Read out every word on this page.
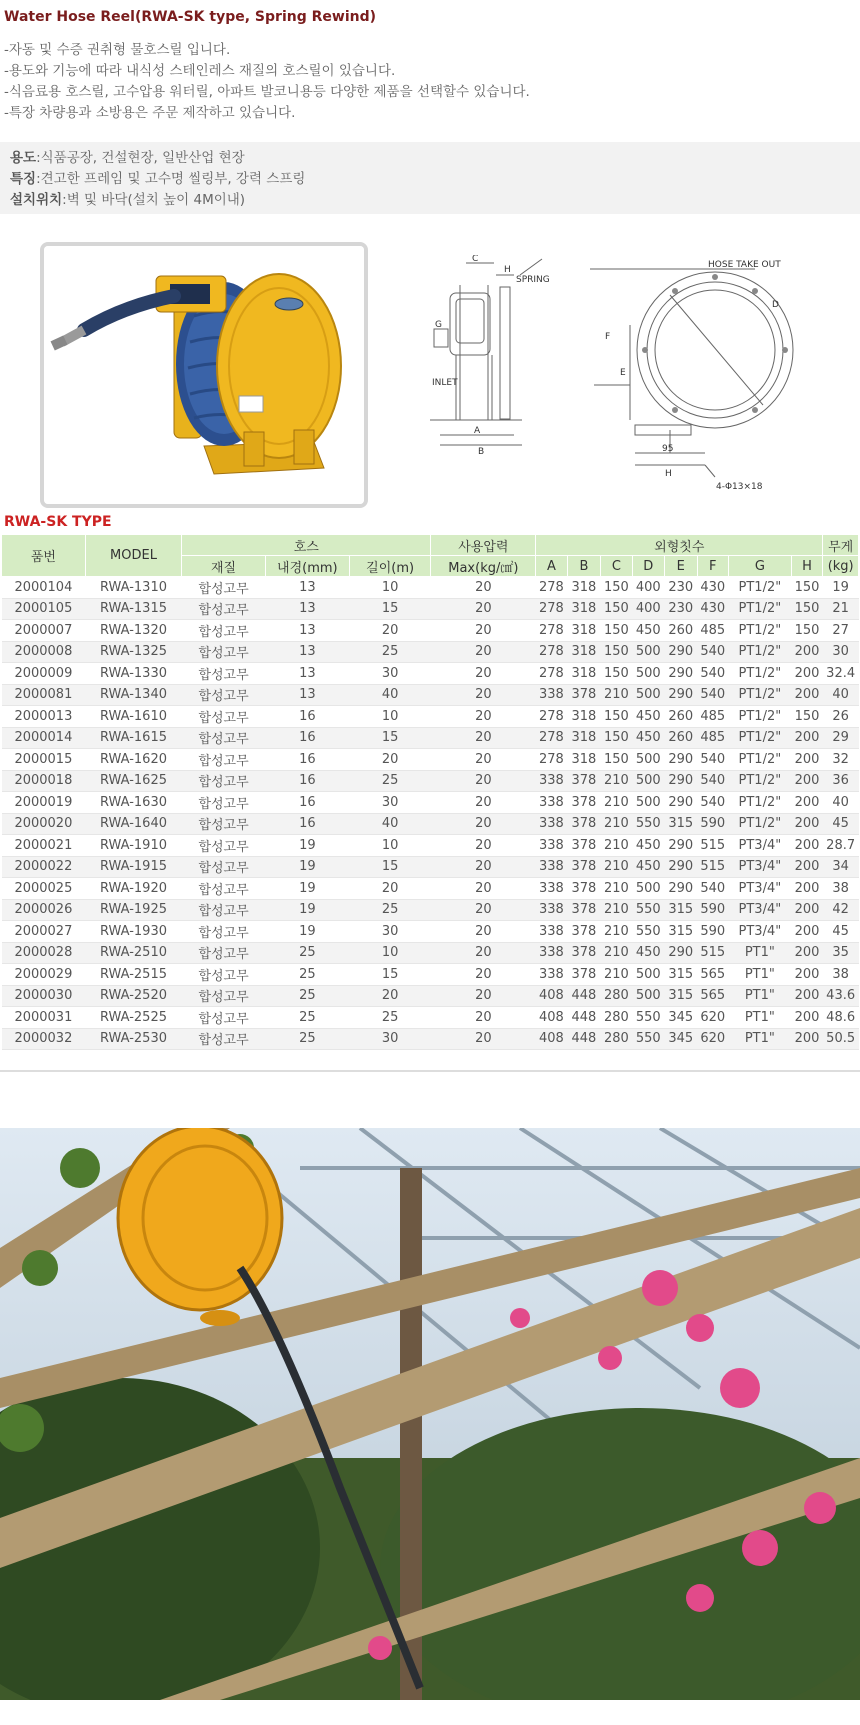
Water Hose Reel(RWA-SK type, Spring Rewind)
-자동 및 수증 권취형 물호스릴 입니다.
-용도와 기능에 따라 내식성 스테인레스 재질의 호스릴이 있습니다.
-식음료용 호스릴, 고수압용 워터릴, 아파트 발코니용등 다양한 제품을 선택할수 있습니다.
-특장 차량용과 소방용은 주문 제작하고 있습니다.
용도:식품공장, 건설현장, 일반산업 현장
특징:견고한 프레임 및 고수명 씰링부, 강력 스프링
설치위치:벽 및 바닥(설치 높이 4M이내)
SPRING
HOSE TAKE OUT
INLET
C
H
G
A
B
D
E
F
95
H
4-Φ13×18
RWA-SK TYPE
품번	MODEL	호스			사용압력	외형칫수								무게
		재질	내경(mm)	길이(m)	Max(kg/㎠)	A	B	C	D	E	F	G	H	(kg)
2000104	RWA-1310	합성고무	13	10	20	278	318	150	400	230	430	PT1/2"	150	19
2000105	RWA-1315	합성고무	13	15	20	278	318	150	400	230	430	PT1/2"	150	21
2000007	RWA-1320	합성고무	13	20	20	278	318	150	450	260	485	PT1/2"	150	27
2000008	RWA-1325	합성고무	13	25	20	278	318	150	500	290	540	PT1/2"	200	30
2000009	RWA-1330	합성고무	13	30	20	278	318	150	500	290	540	PT1/2"	200	32.4
2000081	RWA-1340	합성고무	13	40	20	338	378	210	500	290	540	PT1/2"	200	40
2000013	RWA-1610	합성고무	16	10	20	278	318	150	450	260	485	PT1/2"	150	26
2000014	RWA-1615	합성고무	16	15	20	278	318	150	450	260	485	PT1/2"	200	29
2000015	RWA-1620	합성고무	16	20	20	278	318	150	500	290	540	PT1/2"	200	32
2000018	RWA-1625	합성고무	16	25	20	338	378	210	500	290	540	PT1/2"	200	36
2000019	RWA-1630	합성고무	16	30	20	338	378	210	500	290	540	PT1/2"	200	40
2000020	RWA-1640	합성고무	16	40	20	338	378	210	550	315	590	PT1/2"	200	45
2000021	RWA-1910	합성고무	19	10	20	338	378	210	450	290	515	PT3/4"	200	28.7
2000022	RWA-1915	합성고무	19	15	20	338	378	210	450	290	515	PT3/4"	200	34
2000025	RWA-1920	합성고무	19	20	20	338	378	210	500	290	540	PT3/4"	200	38
2000026	RWA-1925	합성고무	19	25	20	338	378	210	550	315	590	PT3/4"	200	42
2000027	RWA-1930	합성고무	19	30	20	338	378	210	550	315	590	PT3/4"	200	45
2000028	RWA-2510	합성고무	25	10	20	338	378	210	450	290	515	PT1"	200	35
2000029	RWA-2515	합성고무	25	15	20	338	378	210	500	315	565	PT1"	200	38
2000030	RWA-2520	합성고무	25	20	20	408	448	280	500	315	565	PT1"	200	43.6
2000031	RWA-2525	합성고무	25	25	20	408	448	280	550	345	620	PT1"	200	48.6
2000032	RWA-2530	합성고무	25	30	20	408	448	280	550	345	620	PT1"	200	50.5
